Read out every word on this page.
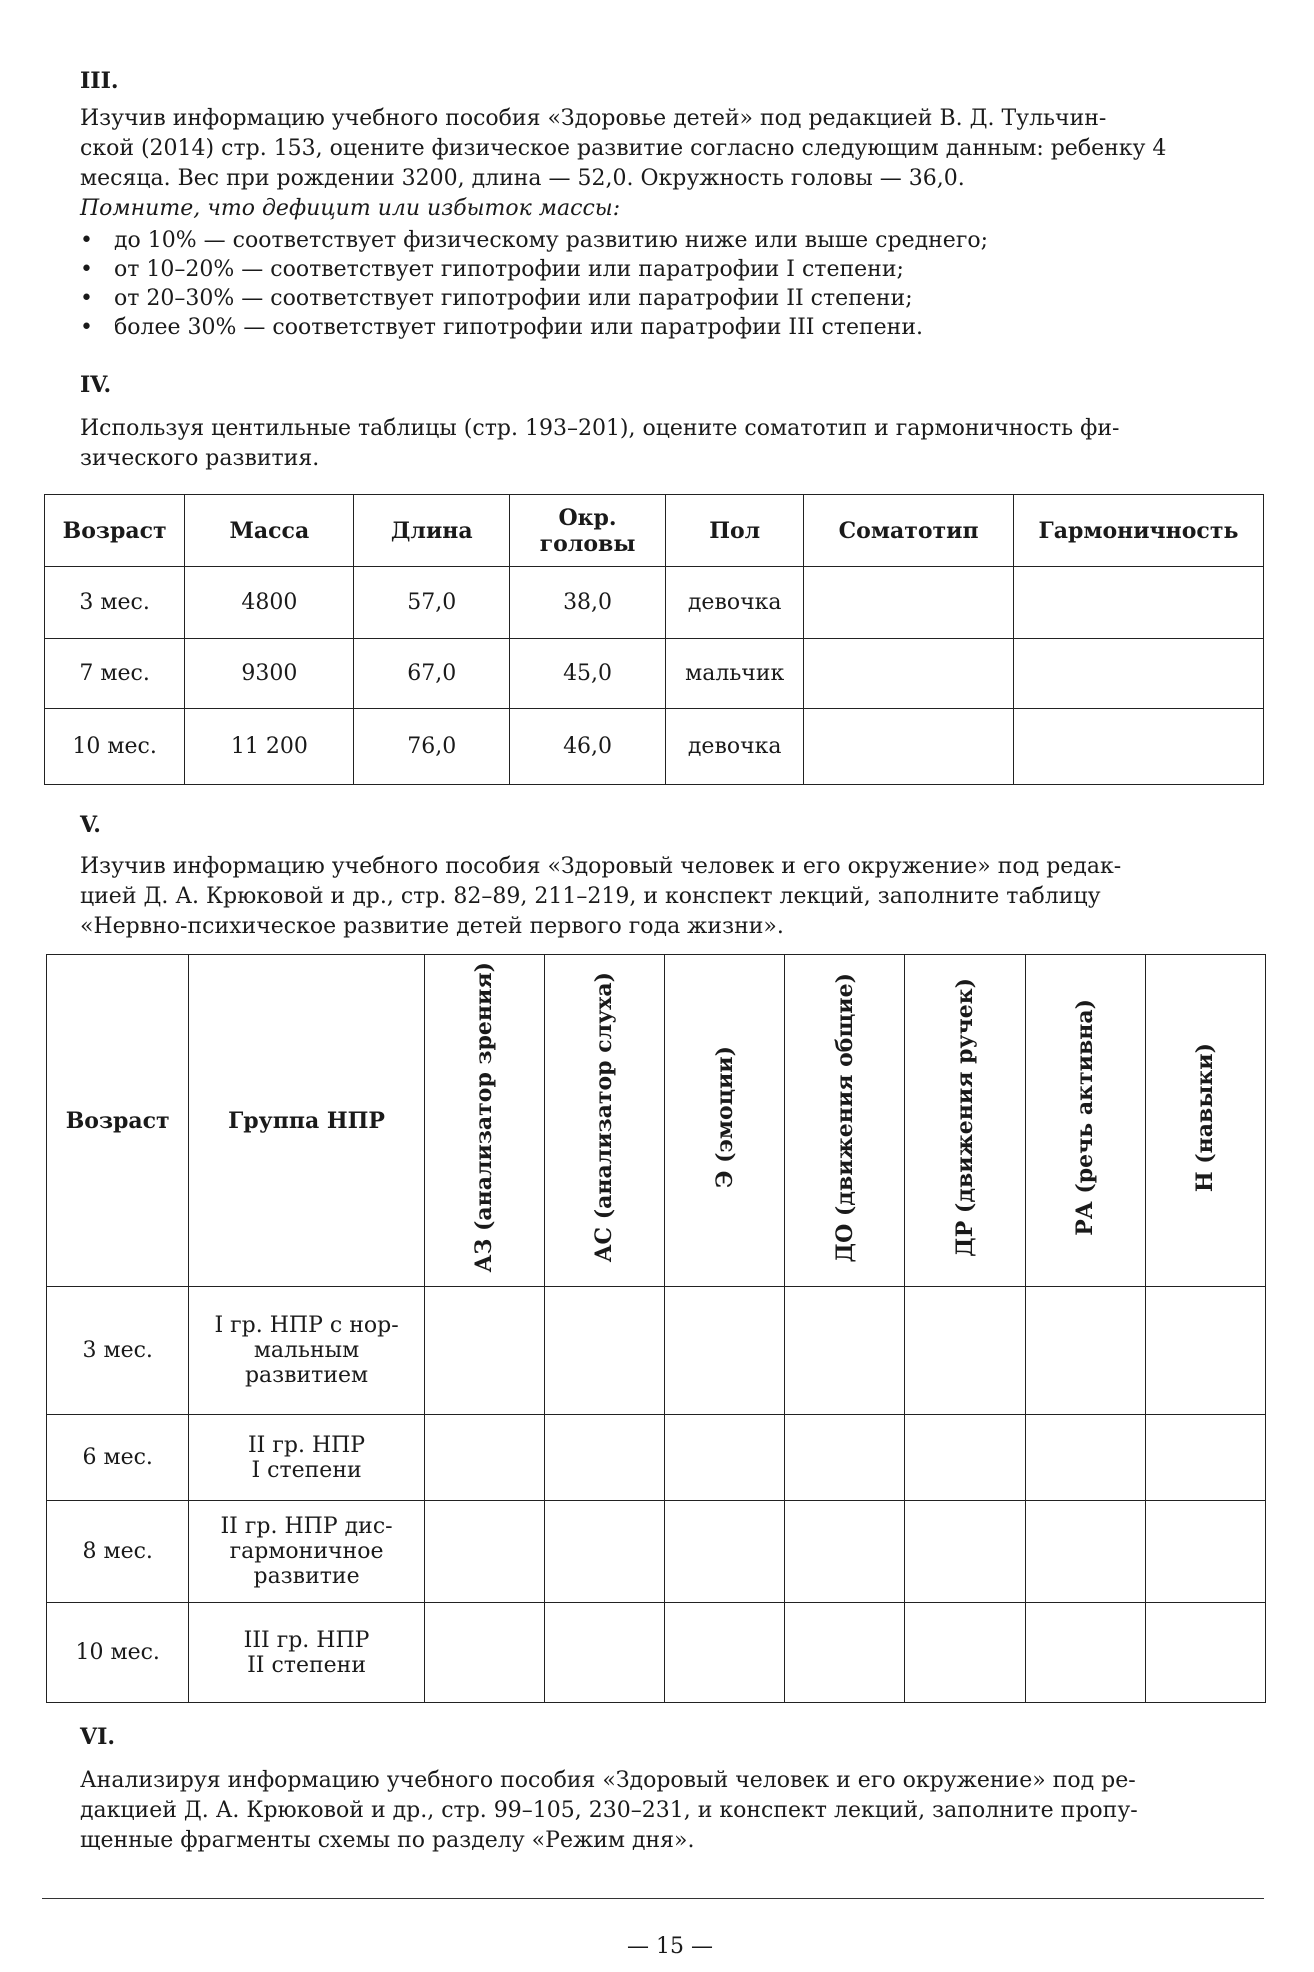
III.
Изучив информацию учебного пособия «Здоровье детей» под редакцией В. Д. Тульчин-
ской (2014) стр. 153, оцените физическое развитие согласно следующим данным: ребенку 4
месяца. Вес при рождении 3200, длина — 52,0. Окружность головы — 36,0.
Помните, что дефицит или избыток массы:
• до 10% — соответствует физическому развитию ниже или выше среднего;
• от 10–20% — соответствует гипотрофии или паратрофии I степени;
• от 20–30% — соответствует гипотрофии или паратрофии II степени;
• более 30% — соответствует гипотрофии или паратрофии III степени.
IV.
Используя центильные таблицы (стр. 193–201), оцените соматотип и гармоничность фи-
зического развития.
Возраст	Масса	Длина	Окр. головы	Пол	Соматотип	Гармоничность
3 мес.	4800	57,0	38,0	девочка		
7 мес.	9300	67,0	45,0	мальчик		
10 мес.	11 200	76,0	46,0	девочка		
V.
Изучив информацию учебного пособия «Здоровый человек и его окружение» под редак-
цией Д. А. Крюковой и др., стр. 82–89, 211–219, и конспект лекций, заполните таблицу
«Нервно-психическое развитие детей первого года жизни».
Возраст	Группа НПР	АЗ (анализатор зрения)	АС (анализатор слуха)	Э (эмоции)	ДО (движения общие)	ДР (движения ручек)	РА (речь активна)	Н (навыки)
3 мес.	I гр. НПР с нор-
мальным
развитием							

6 мес.	II гр. НПР
I степени							

8 мес.	II гр. НПР дис-
гармоничное
развитие							

10 мес.	III гр. НПР
II степени							

VI.
Анализируя информацию учебного пособия «Здоровый человек и его окружение» под ре-
дакцией Д. А. Крюковой и др., стр. 99–105, 230–231, и конспект лекций, заполните пропу-
щенные фрагменты схемы по разделу «Режим дня».
— 15 —
